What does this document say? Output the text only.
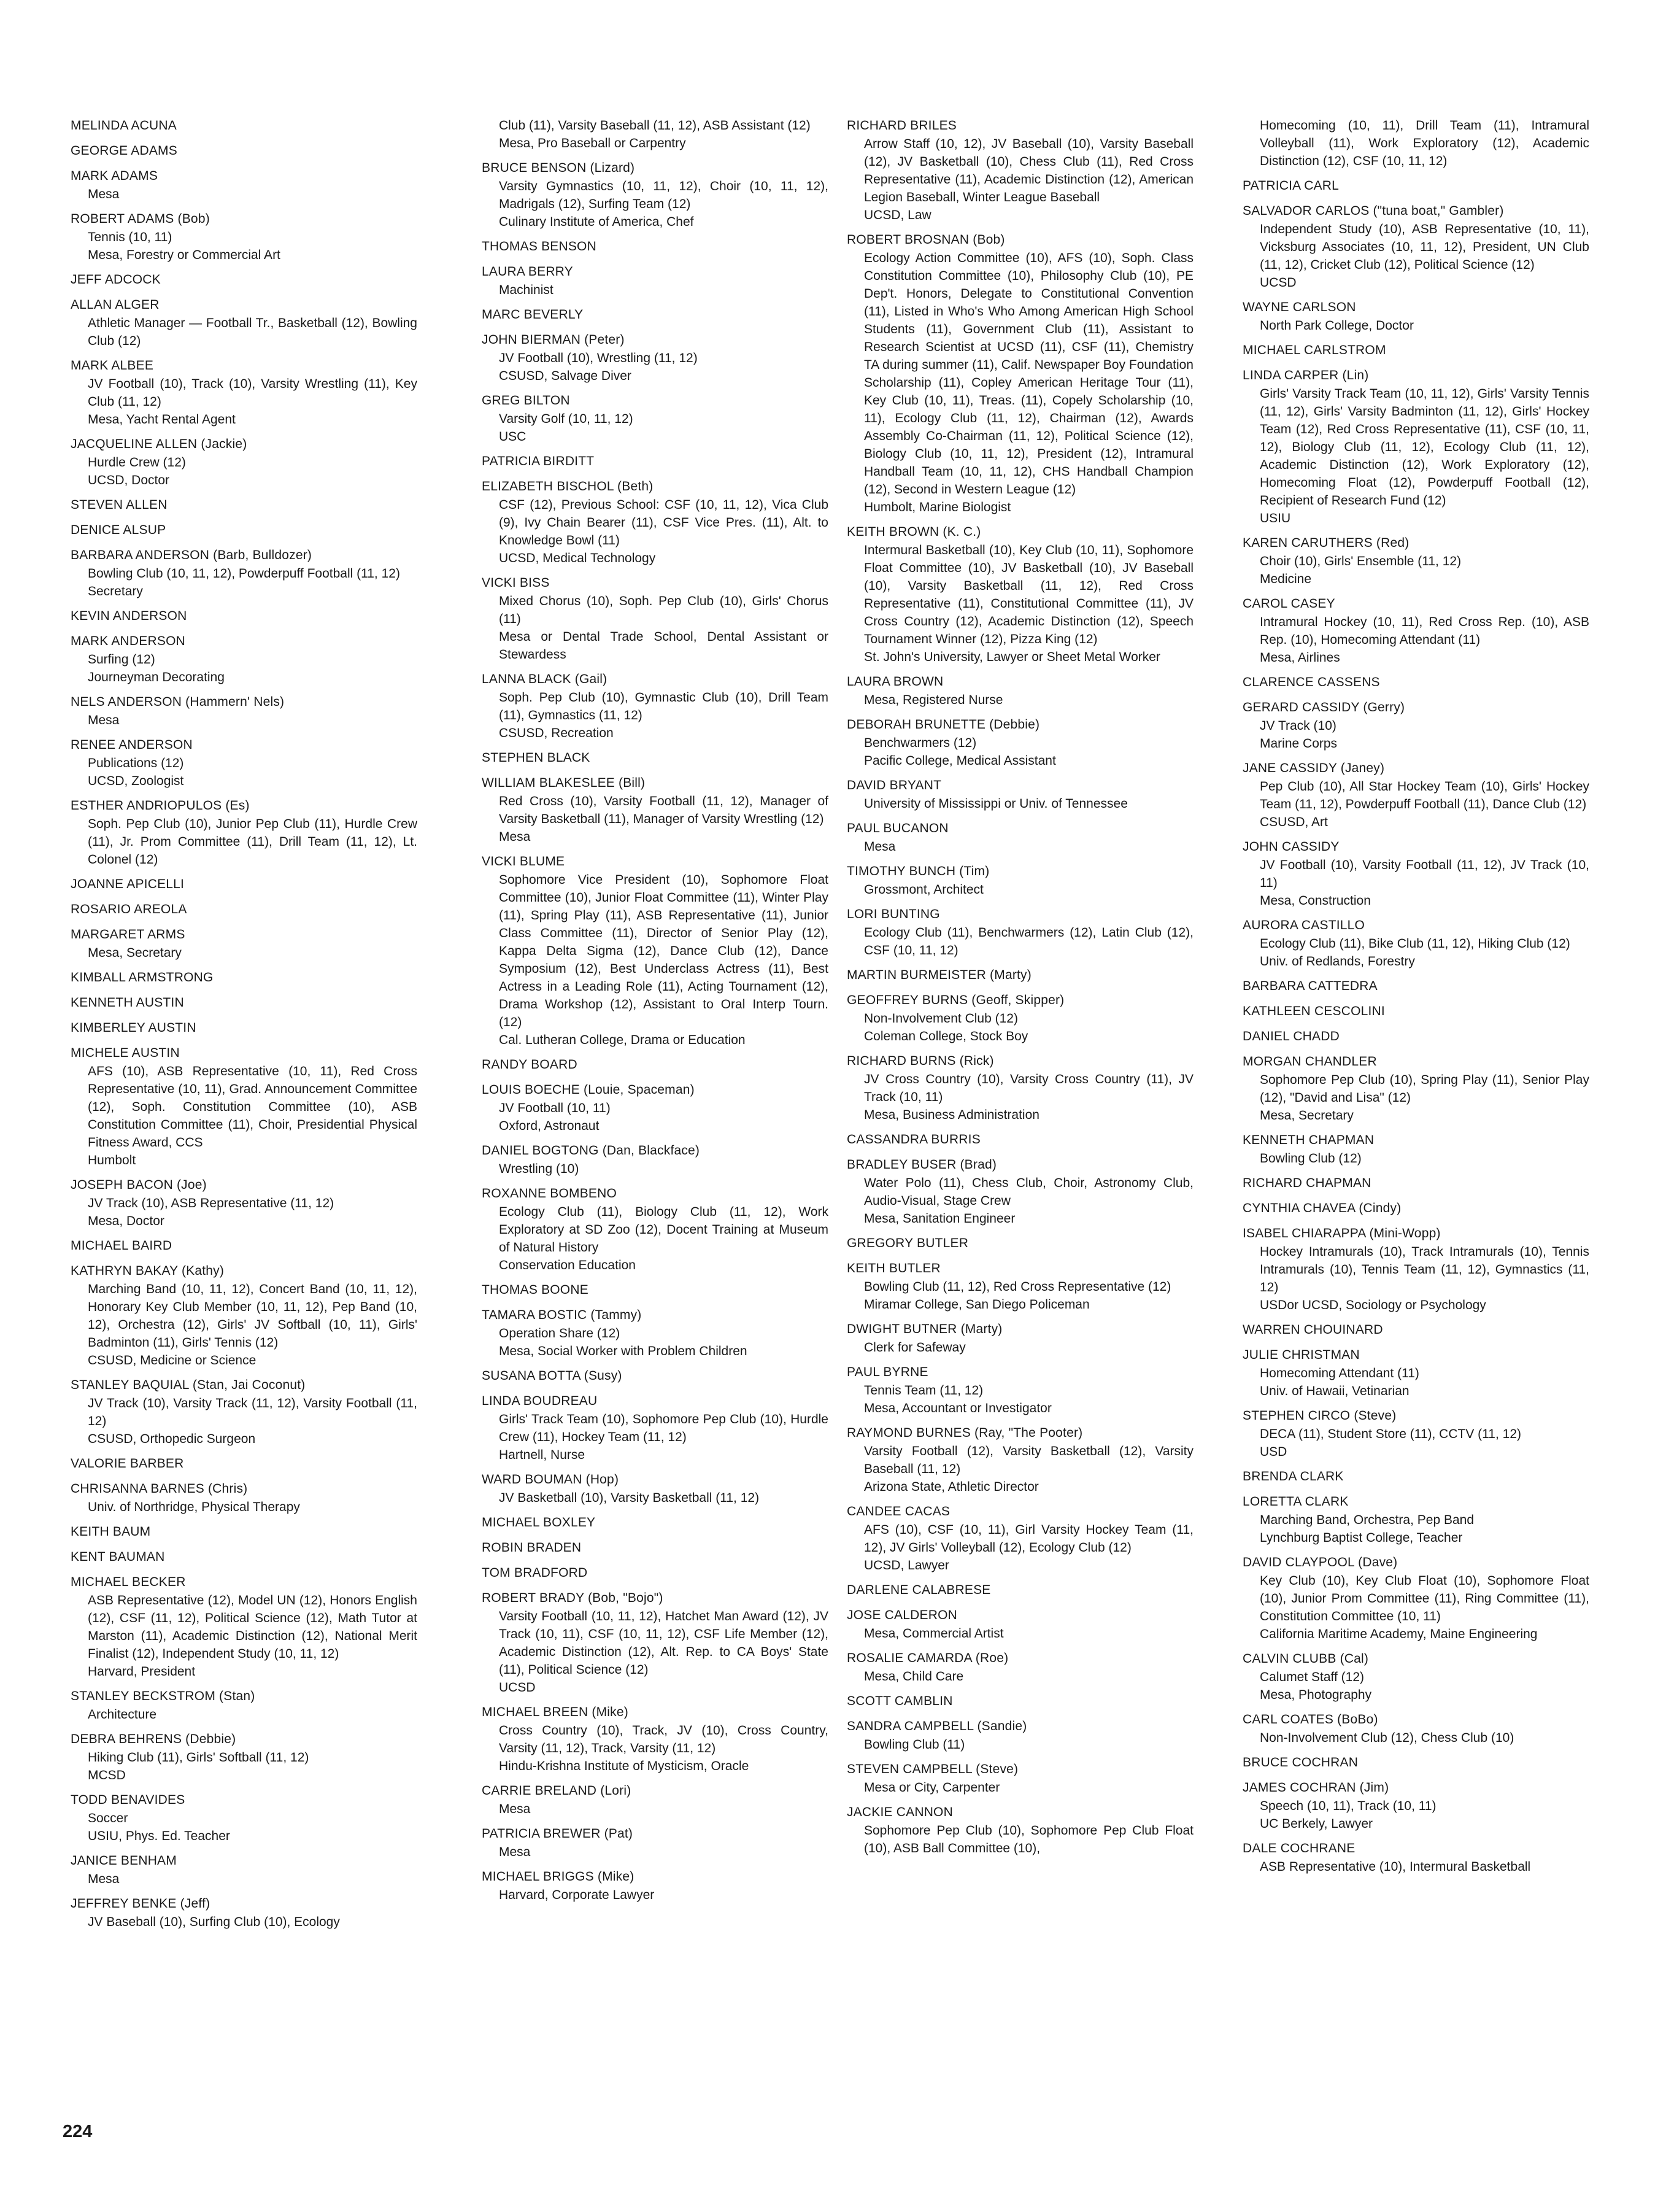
MELINDA ACUNA
GEORGE ADAMS
MARK ADAMS
Mesa
ROBERT ADAMS (Bob)
Tennis (10, 11)
Mesa, Forestry or Commercial Art
JEFF ADCOCK
ALLAN ALGER
Athletic Manager — Football Tr., Basketball (12), Bowling Club (12)
MARK ALBEE
JV Football (10), Track (10), Varsity Wrestling (11), Key Club (11, 12)
Mesa, Yacht Rental Agent
JACQUELINE ALLEN (Jackie)
Hurdle Crew (12)
UCSD, Doctor
STEVEN ALLEN
DENICE ALSUP
BARBARA ANDERSON (Barb, Bulldozer)
Bowling Club (10, 11, 12), Powderpuff Football (11, 12)
Secretary
KEVIN ANDERSON
MARK ANDERSON
Surfing (12)
Journeyman Decorating
NELS ANDERSON (Hammern' Nels)
Mesa
RENEE ANDERSON
Publications (12)
UCSD, Zoologist
ESTHER ANDRIOPULOS (Es)
Soph. Pep Club (10), Junior Pep Club (11), Hurdle Crew (11), Jr. Prom Committee (11), Drill Team (11, 12), Lt. Colonel (12)
JOANNE APICELLI
ROSARIO AREOLA
MARGARET ARMS
Mesa, Secretary
KIMBALL ARMSTRONG
KENNETH AUSTIN
KIMBERLEY AUSTIN
MICHELE AUSTIN
AFS (10), ASB Representative (10, 11), Red Cross Representative (10, 11), Grad. Announcement Committee (12), Soph. Constitution Committee (10), ASB Constitution Committee (11), Choir, Presidential Physical Fitness Award, CCS
Humbolt
JOSEPH BACON (Joe)
JV Track (10), ASB Representative (11, 12)
Mesa, Doctor
MICHAEL BAIRD
KATHRYN BAKAY (Kathy)
Marching Band (10, 11, 12), Concert Band (10, 11, 12), Honorary Key Club Member (10, 11, 12), Pep Band (10, 12), Orchestra (12), Girls' JV Softball (10, 11), Girls' Badminton (11), Girls' Tennis (12)
CSUSD, Medicine or Science
STANLEY BAQUIAL (Stan, Jai Coconut)
JV Track (10), Varsity Track (11, 12), Varsity Football (11, 12)
CSUSD, Orthopedic Surgeon
VALORIE BARBER
CHRISANNA BARNES (Chris)
Univ. of Northridge, Physical Therapy
KEITH BAUM
KENT BAUMAN
MICHAEL BECKER
ASB Representative (12), Model UN (12), Honors English (12), CSF (11, 12), Political Science (12), Math Tutor at Marston (11), Academic Distinction (12), National Merit Finalist (12), Independent Study (10, 11, 12)
Harvard, President
STANLEY BECKSTROM (Stan)
Architecture
DEBRA BEHRENS (Debbie)
Hiking Club (11), Girls' Softball (11, 12)
MCSD
TODD BENAVIDES
Soccer
USIU, Phys. Ed. Teacher
JANICE BENHAM
Mesa
JEFFREY BENKE (Jeff)
JV Baseball (10), Surfing Club (10), Ecology
Club (11), Varsity Baseball (11, 12), ASB Assistant (12)
Mesa, Pro Baseball or Carpentry
BRUCE BENSON (Lizard)
Varsity Gymnastics (10, 11, 12), Choir (10, 11, 12), Madrigals (12), Surfing Team (12)
Culinary Institute of America, Chef
THOMAS BENSON
LAURA BERRY
Machinist
MARC BEVERLY
JOHN BIERMAN (Peter)
JV Football (10), Wrestling (11, 12)
CSUSD, Salvage Diver
GREG BILTON
Varsity Golf (10, 11, 12)
USC
PATRICIA BIRDITT
ELIZABETH BISCHOL (Beth)
CSF (12), Previous School: CSF (10, 11, 12), Vica Club (9), Ivy Chain Bearer (11), CSF Vice Pres. (11), Alt. to Knowledge Bowl (11)
UCSD, Medical Technology
VICKI BISS
Mixed Chorus (10), Soph. Pep Club (10), Girls' Chorus (11)
Mesa or Dental Trade School, Dental Assistant or Stewardess
LANNA BLACK (Gail)
Soph. Pep Club (10), Gymnastic Club (10), Drill Team (11), Gymnastics (11, 12)
CSUSD, Recreation
STEPHEN BLACK
WILLIAM BLAKESLEE (Bill)
Red Cross (10), Varsity Football (11, 12), Manager of Varsity Basketball (11), Manager of Varsity Wrestling (12)
Mesa
VICKI BLUME
Sophomore Vice President (10), Sophomore Float Committee (10), Junior Float Committee (11), Winter Play (11), Spring Play (11), ASB Representative (11), Junior Class Committee (11), Director of Senior Play (12), Kappa Delta Sigma (12), Dance Club (12), Dance Symposium (12), Best Underclass Actress (11), Best Actress in a Leading Role (11), Acting Tournament (12), Drama Workshop (12), Assistant to Oral Interp Tourn. (12)
Cal. Lutheran College, Drama or Education
RANDY BOARD
LOUIS BOECHE (Louie, Spaceman)
JV Football (10, 11)
Oxford, Astronaut
DANIEL BOGTONG (Dan, Blackface)
Wrestling (10)
ROXANNE BOMBENO
Ecology Club (11), Biology Club (11, 12), Work Exploratory at SD Zoo (12), Docent Training at Museum of Natural History
Conservation Education
THOMAS BOONE
TAMARA BOSTIC (Tammy)
Operation Share (12)
Mesa, Social Worker with Problem Children
SUSANA BOTTA (Susy)
LINDA BOUDREAU
Girls' Track Team (10), Sophomore Pep Club (10), Hurdle Crew (11), Hockey Team (11, 12)
Hartnell, Nurse
WARD BOUMAN (Hop)
JV Basketball (10), Varsity Basketball (11, 12)
MICHAEL BOXLEY
ROBIN BRADEN
TOM BRADFORD
ROBERT BRADY (Bob, "Bojo")
Varsity Football (10, 11, 12), Hatchet Man Award (12), JV Track (10, 11), CSF (10, 11, 12), CSF Life Member (12), Academic Distinction (12), Alt. Rep. to CA Boys' State (11), Political Science (12)
UCSD
MICHAEL BREEN (Mike)
Cross Country (10), Track, JV (10), Cross Country, Varsity (11, 12), Track, Varsity (11, 12)
Hindu-Krishna Institute of Mysticism, Oracle
CARRIE BRELAND (Lori)
Mesa
PATRICIA BREWER (Pat)
Mesa
MICHAEL BRIGGS (Mike)
Harvard, Corporate Lawyer
RICHARD BRILES
Arrow Staff (10, 12), JV Baseball (10), Varsity Baseball (12), JV Basketball (10), Chess Club (11), Red Cross Representative (11), Academic Distinction (12), American Legion Baseball, Winter League Baseball
UCSD, Law
ROBERT BROSNAN (Bob)
Ecology Action Committee (10), AFS (10), Soph. Class Constitution Committee (10), Philosophy Club (10), PE Dep't. Honors, Delegate to Constitutional Convention (11), Listed in Who's Who Among American High School Students (11), Government Club (11), Assistant to Research Scientist at UCSD (11), CSF (11), Chemistry TA during summer (11), Calif. Newspaper Boy Foundation Scholarship (11), Copley American Heritage Tour (11), Key Club (10, 11), Treas. (11), Copely Scholarship (10, 11), Ecology Club (11, 12), Chairman (12), Awards Assembly Co-Chairman (11, 12), Political Science (12), Biology Club (10, 11, 12), President (12), Intramural Handball Team (10, 11, 12), CHS Handball Champion (12), Second in Western League (12)
Humbolt, Marine Biologist
KEITH BROWN (K. C.)
Intermural Basketball (10), Key Club (10, 11), Sophomore Float Committee (10), JV Basketball (10), JV Baseball (10), Varsity Basketball (11, 12), Red Cross Representative (11), Constitutional Committee (11), JV Cross Country (12), Academic Distinction (12), Speech Tournament Winner (12), Pizza King (12)
St. John's University, Lawyer or Sheet Metal Worker
LAURA BROWN
Mesa, Registered Nurse
DEBORAH BRUNETTE (Debbie)
Benchwarmers (12)
Pacific College, Medical Assistant
DAVID BRYANT
University of Mississippi or Univ. of Tennessee
PAUL BUCANON
Mesa
TIMOTHY BUNCH (Tim)
Grossmont, Architect
LORI BUNTING
Ecology Club (11), Benchwarmers (12), Latin Club (12), CSF (10, 11, 12)
MARTIN BURMEISTER (Marty)
GEOFFREY BURNS (Geoff, Skipper)
Non-Involvement Club (12)
Coleman College, Stock Boy
RICHARD BURNS (Rick)
JV Cross Country (10), Varsity Cross Country (11), JV Track (10, 11)
Mesa, Business Administration
CASSANDRA BURRIS
BRADLEY BUSER (Brad)
Water Polo (11), Chess Club, Choir, Astronomy Club, Audio-Visual, Stage Crew
Mesa, Sanitation Engineer
GREGORY BUTLER
KEITH BUTLER
Bowling Club (11, 12), Red Cross Representative (12)
Miramar College, San Diego Policeman
DWIGHT BUTNER (Marty)
Clerk for Safeway
PAUL BYRNE
Tennis Team (11, 12)
Mesa, Accountant or Investigator
RAYMOND BURNES (Ray, "The Pooter)
Varsity Football (12), Varsity Basketball (12), Varsity Baseball (11, 12)
Arizona State, Athletic Director
CANDEE CACAS
AFS (10), CSF (10, 11), Girl Varsity Hockey Team (11, 12), JV Girls' Volleyball (12), Ecology Club (12)
UCSD, Lawyer
DARLENE CALABRESE
JOSE CALDERON
Mesa, Commercial Artist
ROSALIE CAMARDA (Roe)
Mesa, Child Care
SCOTT CAMBLIN
SANDRA CAMPBELL (Sandie)
Bowling Club (11)
STEVEN CAMPBELL (Steve)
Mesa or City, Carpenter
JACKIE CANNON
Sophomore Pep Club (10), Sophomore Pep Club Float (10), ASB Ball Committee (10),
Homecoming (10, 11), Drill Team (11), Intramural Volleyball (11), Work Exploratory (12), Academic Distinction (12), CSF (10, 11, 12)
PATRICIA CARL
SALVADOR CARLOS ("tuna boat," Gambler)
Independent Study (10), ASB Representative (10, 11), Vicksburg Associates (10, 11, 12), President, UN Club (11, 12), Cricket Club (12), Political Science (12)
UCSD
WAYNE CARLSON
North Park College, Doctor
MICHAEL CARLSTROM
LINDA CARPER (Lin)
Girls' Varsity Track Team (10, 11, 12), Girls' Varsity Tennis (11, 12), Girls' Varsity Badminton (11, 12), Girls' Hockey Team (12), Red Cross Representative (11), CSF (10, 11, 12), Biology Club (11, 12), Ecology Club (11, 12), Academic Distinction (12), Work Exploratory (12), Homecoming Float (12), Powderpuff Football (12), Recipient of Research Fund (12)
USIU
KAREN CARUTHERS (Red)
Choir (10), Girls' Ensemble (11, 12)
Medicine
CAROL CASEY
Intramural Hockey (10, 11), Red Cross Rep. (10), ASB Rep. (10), Homecoming Attendant (11)
Mesa, Airlines
CLARENCE CASSENS
GERARD CASSIDY (Gerry)
JV Track (10)
Marine Corps
JANE CASSIDY (Janey)
Pep Club (10), All Star Hockey Team (10), Girls' Hockey Team (11, 12), Powderpuff Football (11), Dance Club (12)
CSUSD, Art
JOHN CASSIDY
JV Football (10), Varsity Football (11, 12), JV Track (10, 11)
Mesa, Construction
AURORA CASTILLO
Ecology Club (11), Bike Club (11, 12), Hiking Club (12)
Univ. of Redlands, Forestry
BARBARA CATTEDRA
KATHLEEN CESCOLINI
DANIEL CHADD
MORGAN CHANDLER
Sophomore Pep Club (10), Spring Play (11), Senior Play (12), "David and Lisa" (12)
Mesa, Secretary
KENNETH CHAPMAN
Bowling Club (12)
RICHARD CHAPMAN
CYNTHIA CHAVEA (Cindy)
ISABEL CHIARAPPA (Mini-Wopp)
Hockey Intramurals (10), Track Intramurals (10), Tennis Intramurals (10), Tennis Team (11, 12), Gymnastics (11, 12)
USDor UCSD, Sociology or Psychology
WARREN CHOUINARD
JULIE CHRISTMAN
Homecoming Attendant (11)
Univ. of Hawaii, Vetinarian
STEPHEN CIRCO (Steve)
DECA (11), Student Store (11), CCTV (11, 12)
USD
BRENDA CLARK
LORETTA CLARK
Marching Band, Orchestra, Pep Band
Lynchburg Baptist College, Teacher
DAVID CLAYPOOL (Dave)
Key Club (10), Key Club Float (10), Sophomore Float (10), Junior Prom Committee (11), Ring Committee (11), Constitution Committee (10, 11)
California Maritime Academy, Maine Engineering
CALVIN CLUBB (Cal)
Calumet Staff (12)
Mesa, Photography
CARL COATES (BoBo)
Non-Involvement Club (12), Chess Club (10)
BRUCE COCHRAN
JAMES COCHRAN (Jim)
Speech (10, 11), Track (10, 11)
UC Berkely, Lawyer
DALE COCHRANE
ASB Representative (10), Intermural Basketball
224
